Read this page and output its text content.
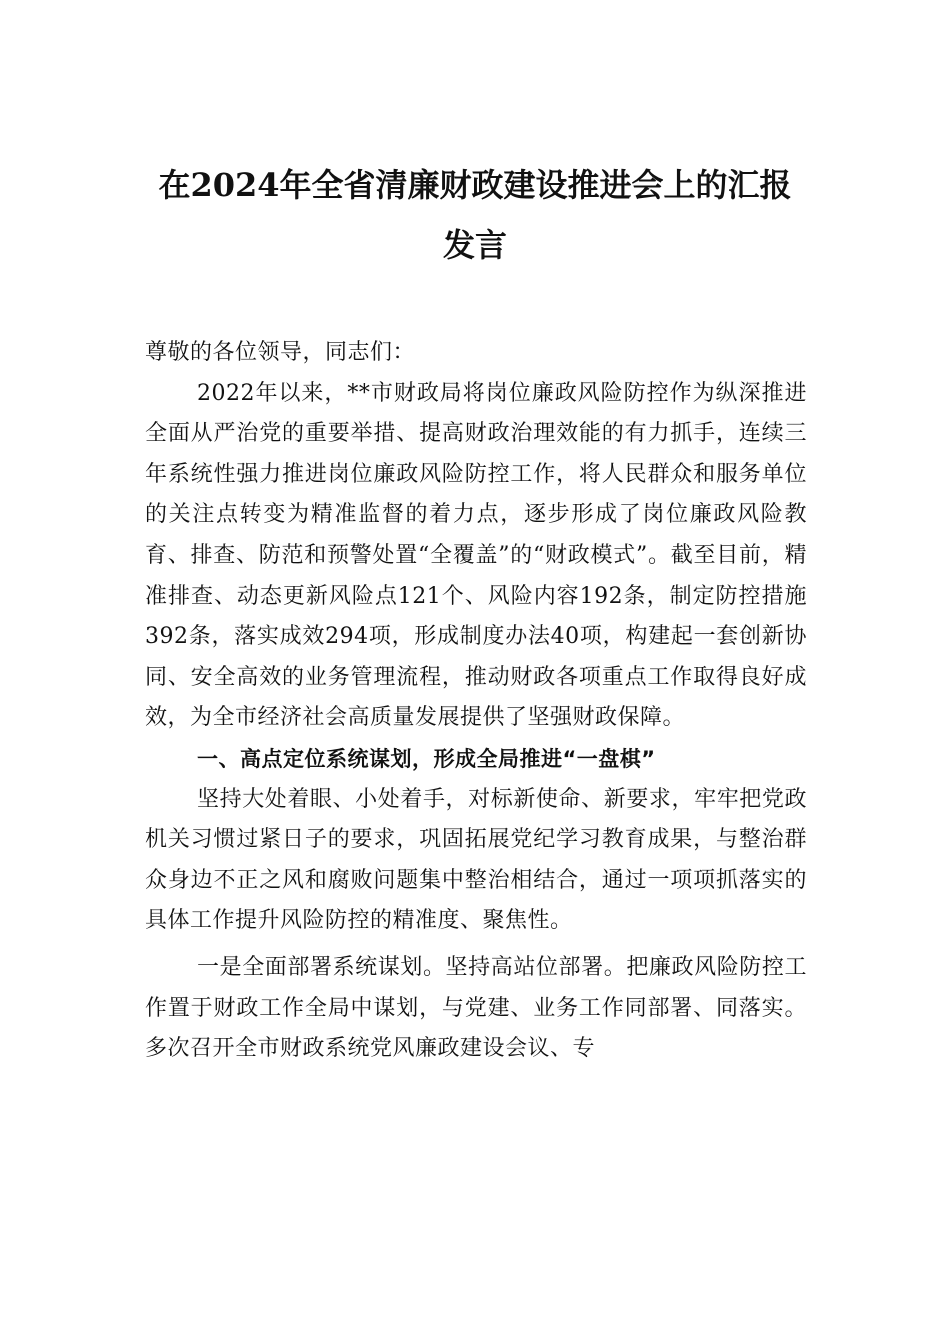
在2024年全省清廉财政建设推进会上的汇报发言

尊敬的各位领导，同志们：

2022年以来，**市财政局将岗位廉政风险防控作为纵深推进全面从严治党的重要举措、提高财政治理效能的有力抓手，连续三年系统性强力推进岗位廉政风险防控工作，将人民群众和服务单位的关注点转变为精准监督的着力点，逐步形成了岗位廉政风险教育、排查、防范和预警处置“全覆盖”的“财政模式”。截至目前，精准排查、动态更新风险点121个、风险内容192条，制定防控措施392条，落实成效294项，形成制度办法40项，构建起一套创新协同、安全高效的业务管理流程，推动财政各项重点工作取得良好成效，为全市经济社会高质量发展提供了坚强财政保障。

一、高点定位系统谋划，形成全局推进“一盘棋”

坚持大处着眼、小处着手，对标新使命、新要求，牢牢把党政机关习惯过紧日子的要求，巩固拓展党纪学习教育成果，与整治群众身边不正之风和腐败问题集中整治相结合，通过一项项抓落实的具体工作提升风险防控的精准度、聚焦性。

一是全面部署系统谋划。坚持高站位部署。把廉政风险防控工作置于财政工作全局中谋划，与党建、业务工作同部署、同落实。多次召开全市财政系统党风廉政建设会议、专
